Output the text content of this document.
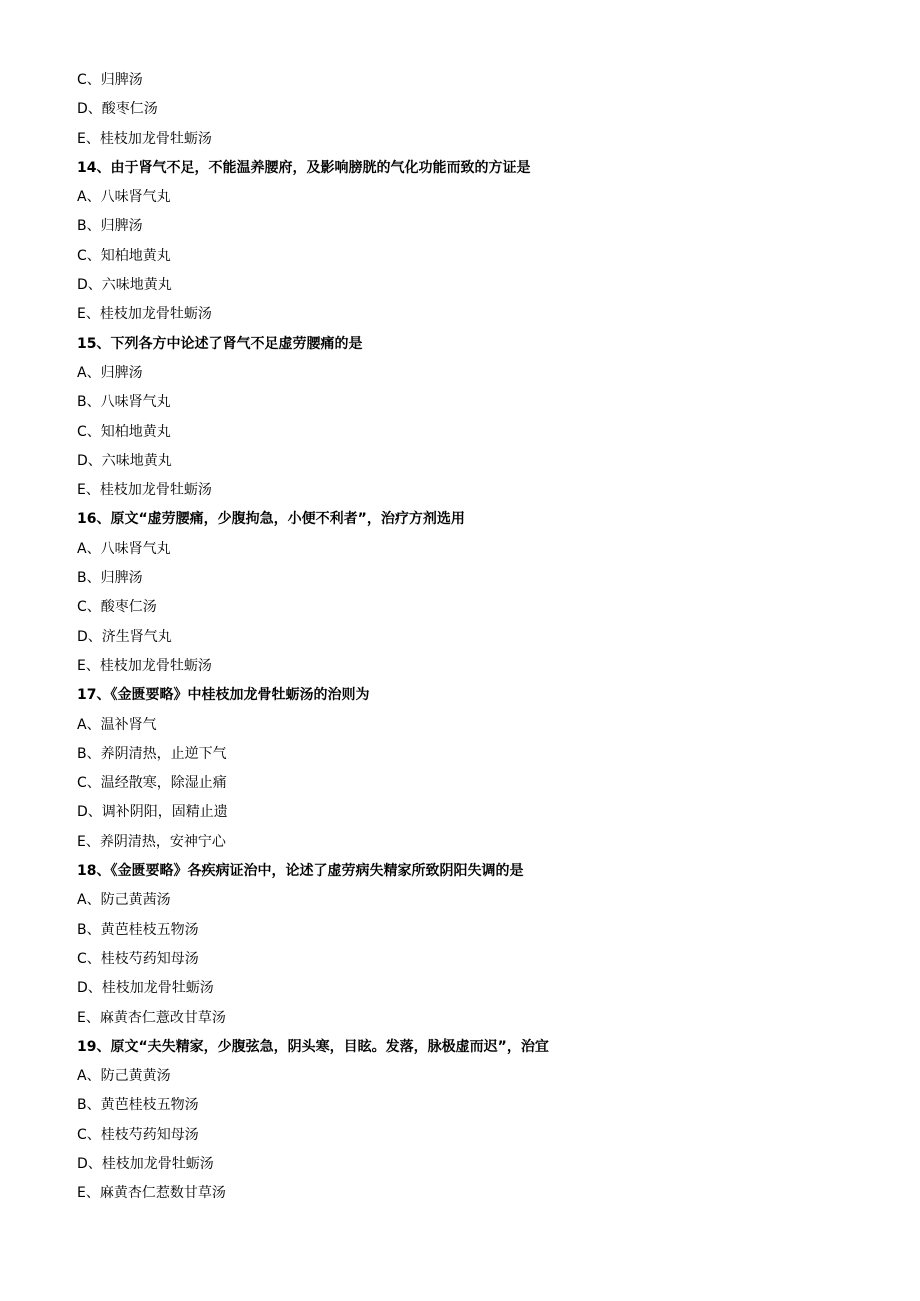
C、归脾汤
D、酸枣仁汤
E、桂枝加龙骨牡蛎汤
14、由于肾气不足，不能温养腰府，及影响膀胱的气化功能而致的方证是
A、八味肾气丸
B、归脾汤
C、知柏地黄丸
D、六味地黄丸
E、桂枝加龙骨牡蛎汤
15、下列各方中论述了肾气不足虚劳腰痛的是
A、归脾汤
B、八味肾气丸
C、知柏地黄丸
D、六味地黄丸
E、桂枝加龙骨牡蛎汤
16、原文“虚劳腰痛，少腹拘急，小便不利者”，治疗方剂选用
A、八味肾气丸
B、归脾汤
C、酸枣仁汤
D、济生肾气丸
E、桂枝加龙骨牡蛎汤
17、《金匮要略》中桂枝加龙骨牡蛎汤的治则为
A、温补肾气
B、养阴清热，止逆下气
C、温经散寒，除湿止痛
D、调补阴阳，固精止遗
E、养阴清热，安神宁心
18、《金匮要略》各疾病证治中，论述了虚劳病失精家所致阴阳失调的是
A、防己黄茜汤
B、黄芭桂枝五物汤
C、桂枝芍药知母汤
D、桂枝加龙骨牡蛎汤
E、麻黄杏仁薏改甘草汤
19、原文“夫失精家，少腹弦急，阴头寒，目眩。发落，脉极虚而迟”，治宜
A、防己黄黄汤
B、黄芭桂枝五物汤
C、桂枝芍药知母汤
D、桂枝加龙骨牡蛎汤
E、麻黄杏仁惹数甘草汤
